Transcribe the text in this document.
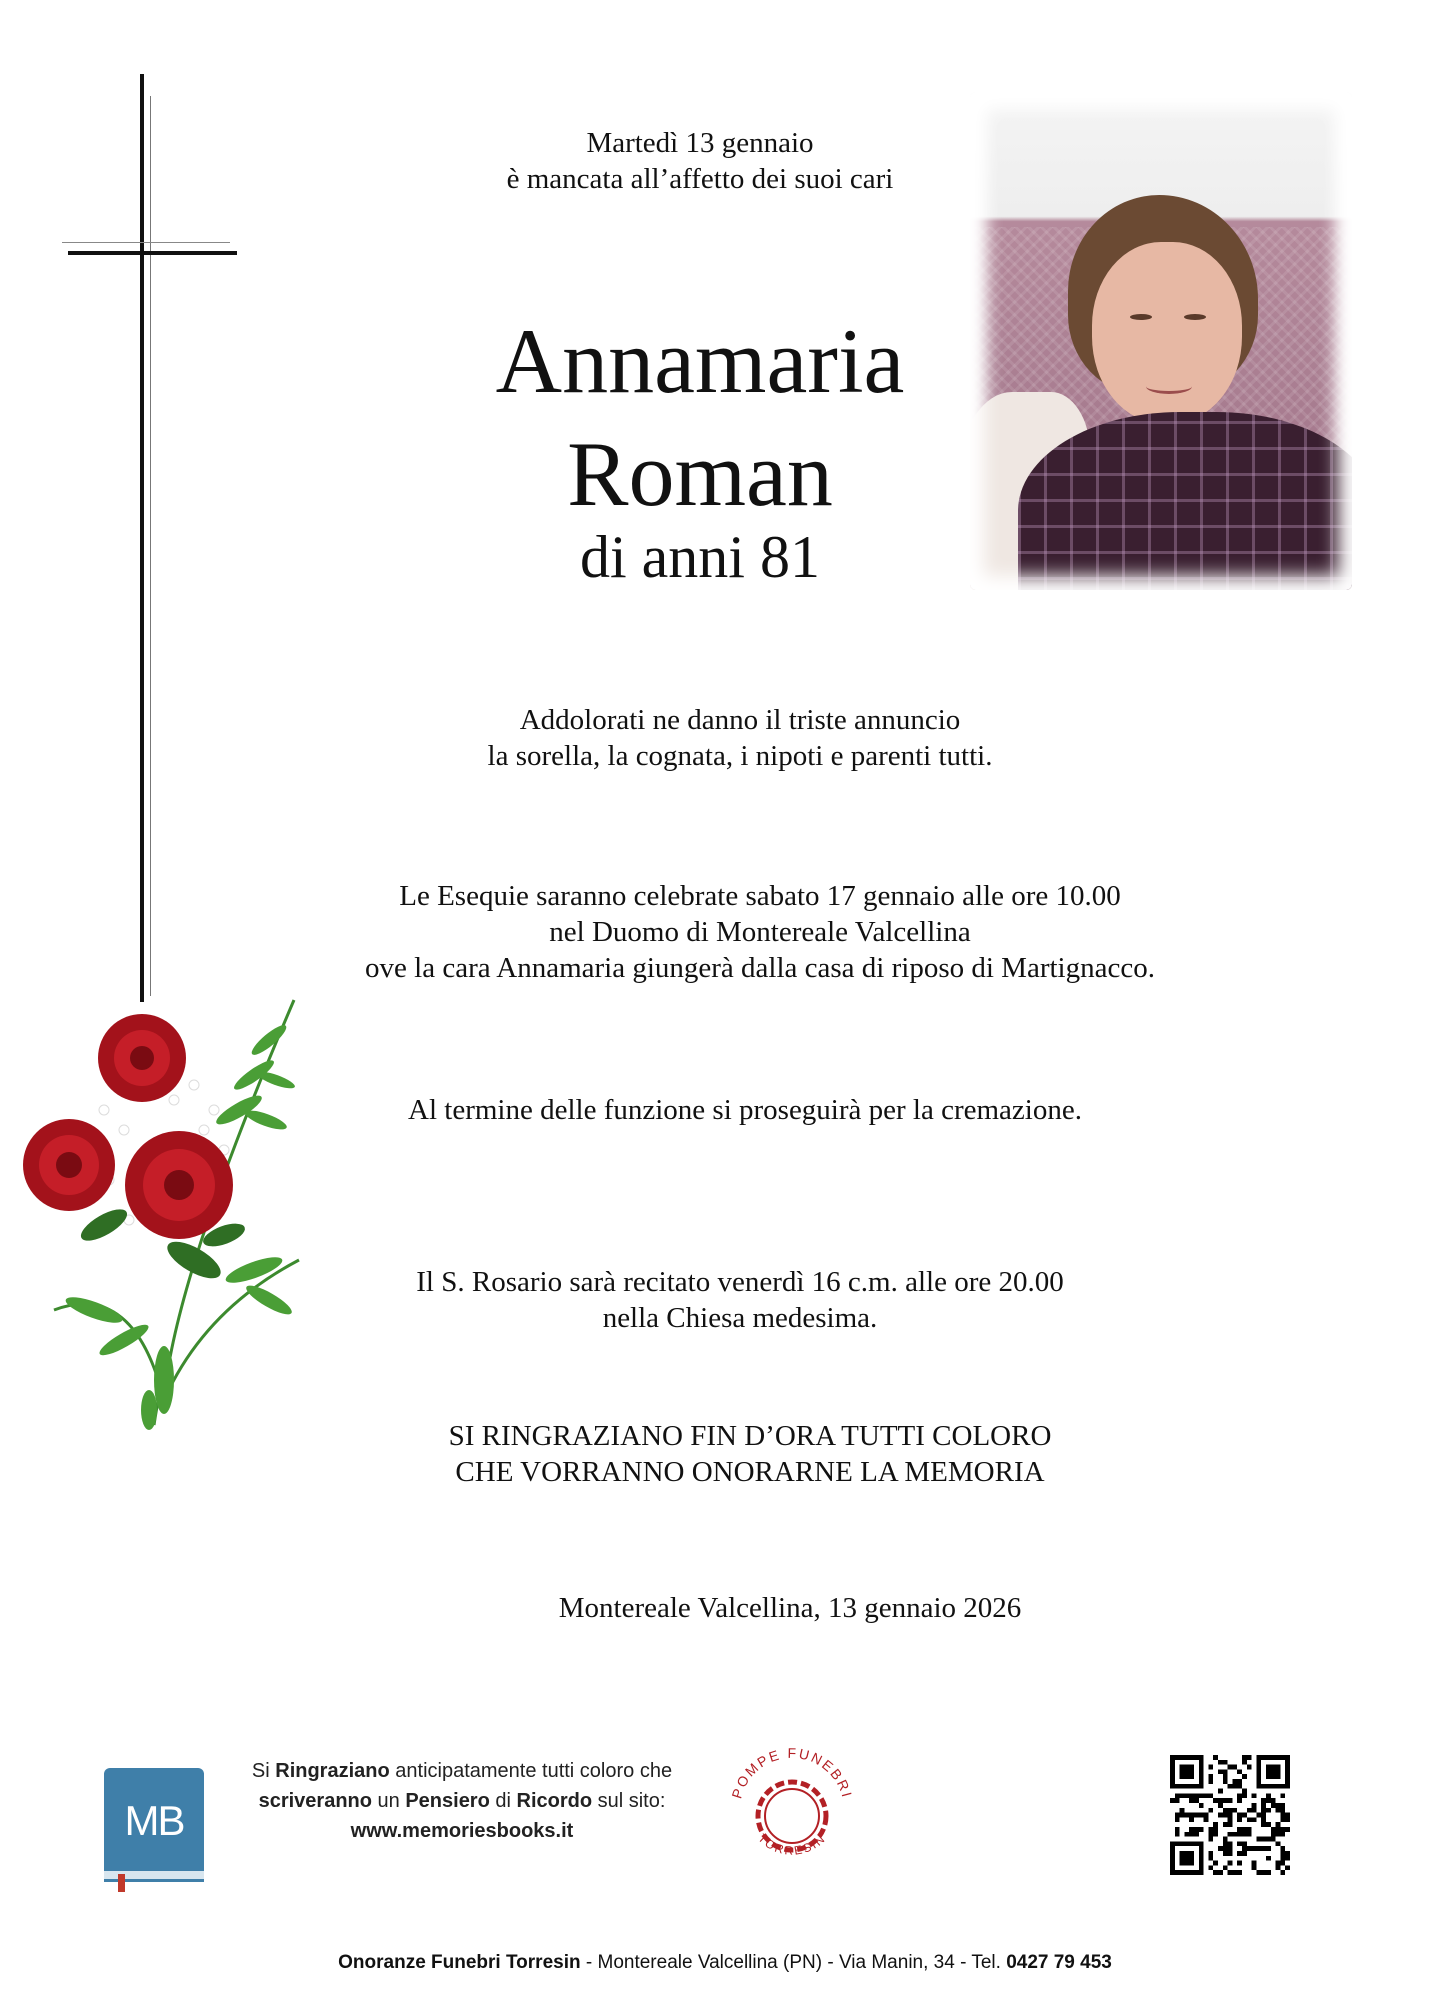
Martedì 13 gennaio
è mancata all’affetto dei suoi cari
Annamaria
Roman
di anni 81
Addolorati ne danno il triste annuncio
la sorella, la cognata, i nipoti e parenti tutti.
Le Esequie saranno celebrate sabato 17 gennaio alle ore 10.00
nel Duomo di Montereale Valcellina
ove la cara Annamaria giungerà dalla casa di riposo di Martignacco.
Al termine delle funzione si proseguirà per la cremazione.
Il S. Rosario sarà recitato venerdì 16 c.m. alle ore 20.00
nella Chiesa medesima.
SI RINGRAZIANO FIN D’ORA TUTTI COLORO
CHE VORRANNO ONORARNE LA MEMORIA
Montereale Valcellina, 13 gennaio 2026
MB
Si Ringraziano anticipatamente tutti coloro che
scriveranno un Pensiero di Ricordo sul sito:
www.memoriesbooks.it
POMPE FUNEBRI
TORRESIN
Onoranze Funebri Torresin - Montereale Valcellina (PN) - Via Manin, 34 - Tel. 0427 79 453
